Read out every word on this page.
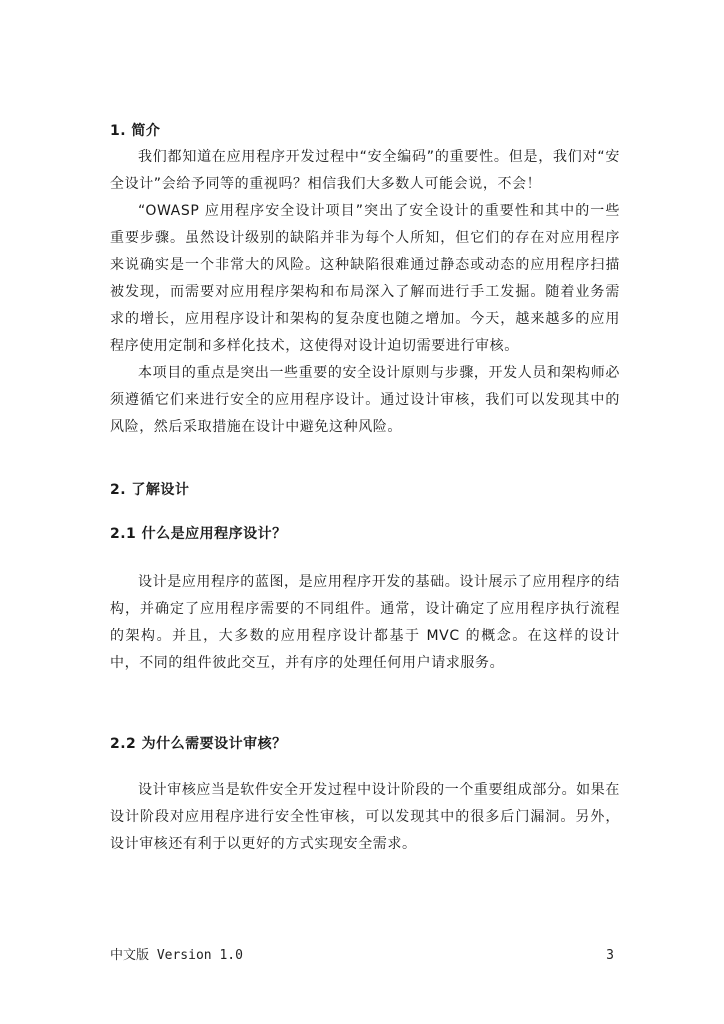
1. 简介

我们都知道在应用程序开发过程中“安全编码”的重要性。但是，我们对“安全设计”会给予同等的重视吗？相信我们大多数人可能会说，不会！

“OWASP 应用程序安全设计项目”突出了安全设计的重要性和其中的一些重要步骤。虽然设计级别的缺陷并非为每个人所知，但它们的存在对应用程序来说确实是一个非常大的风险。这种缺陷很难通过静态或动态的应用程序扫描被发现，而需要对应用程序架构和布局深入了解而进行手工发掘。随着业务需求的增长，应用程序设计和架构的复杂度也随之增加。今天，越来越多的应用程序使用定制和多样化技术，这使得对设计迫切需要进行审核。

本项目的重点是突出一些重要的安全设计原则与步骤，开发人员和架构师必须遵循它们来进行安全的应用程序设计。通过设计审核，我们可以发现其中的风险，然后采取措施在设计中避免这种风险。

2. 了解设计
2.1 什么是应用程序设计？

设计是应用程序的蓝图，是应用程序开发的基础。设计展示了应用程序的结构，并确定了应用程序需要的不同组件。通常，设计确定了应用程序执行流程的架构。并且，大多数的应用程序设计都基于 MVC 的概念。在这样的设计中，不同的组件彼此交互，并有序的处理任何用户请求服务。

2.2 为什么需要设计审核？

设计审核应当是软件安全开发过程中设计阶段的一个重要组成部分。如果在设计阶段对应用程序进行安全性审核，可以发现其中的很多后门漏洞。另外，设计审核还有利于以更好的方式实现安全需求。

中文版 Version 1.0	3
